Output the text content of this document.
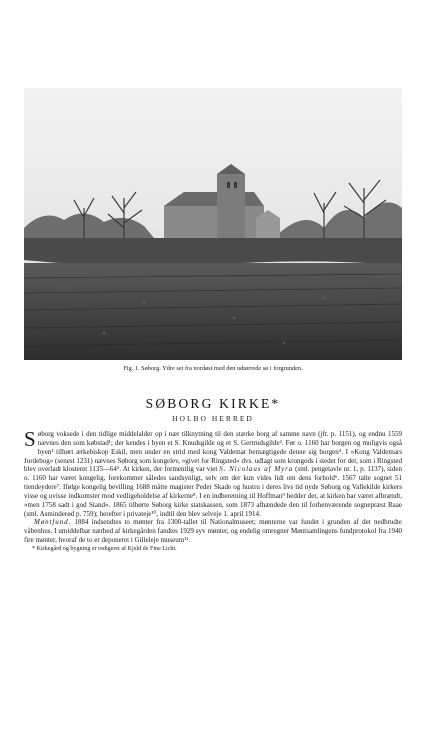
Fig. 1. Søborg. Ydre set fra nordøst med den udtørrede sø i forgrunden.
SØBORG KIRKE*
HOLBO HERRED

Søborg voksede i den tidlige middelalder op i nær tilknytning til den stærke borg af samme navn (jfr. p. 1151), og endnu 1559 nævnes den som købstad¹; der kendes i byen et S. Knudsgilde og et S. Gertrudsgilde². Før o. 1160 har borgen og muligvis også byen³ tilhørt ærkebiskop Eskil, men under en strid med kong Valdemar bemægtigede denne sig borgen⁴. I »Kong Valdemars Jordebog« (senest 1231) nævnes Søborg som kongelev, »givet for Ringsted« dvs. udlagt som krongods i stedet for det, som i Ringsted blev overladt klosteret 1135—64⁵. At kirken, der formentlig var viet S. Nicolaus af Myra (sml. pengetavle nr. 1, p. 1137), siden o. 1160 har været kongelig, forekommer således sandsynligt, selv om der kun vides lidt om dens forhold⁶. 1567 talte sognet 51 tiendeydere⁷. Ifølge kongelig bevilling 1688 måtte magister Peder Skade og hustru i deres livs tid nyde Søborg og Vallekilde kirkers visse og uvisse indkomster mod vedligeholdelse af kirkerne⁸. I en indberetning til Hoffman⁹ hedder det, at kirken har været afbrændt, »men 1758 sadt i god Stand«. 1865 tilhørte Søborg kirke statskassen, som 1873 afhændede den til forhenværende sognepræst Raae (sml. Asminderød p. 759); herefter i privateje¹⁰, indtil den blev selveje 1. april 1914.

Møntfund. 1884 indsendtes to mønter fra 1300-tallet til Nationalmuseet; mønterne var fundet i grunden af det nedbrudte våbenhus. I umiddelbar nærhed af kirkegården fandtes 1929 syv mønter, og endelig omregner Møntsamlingens fundprotokol fra 1940 fire mønter, hvoraf de to er deponeret i Gilleleje museum¹¹.

* Kirkegård og bygning er redigeret af Kjeld de Fine Licht.
